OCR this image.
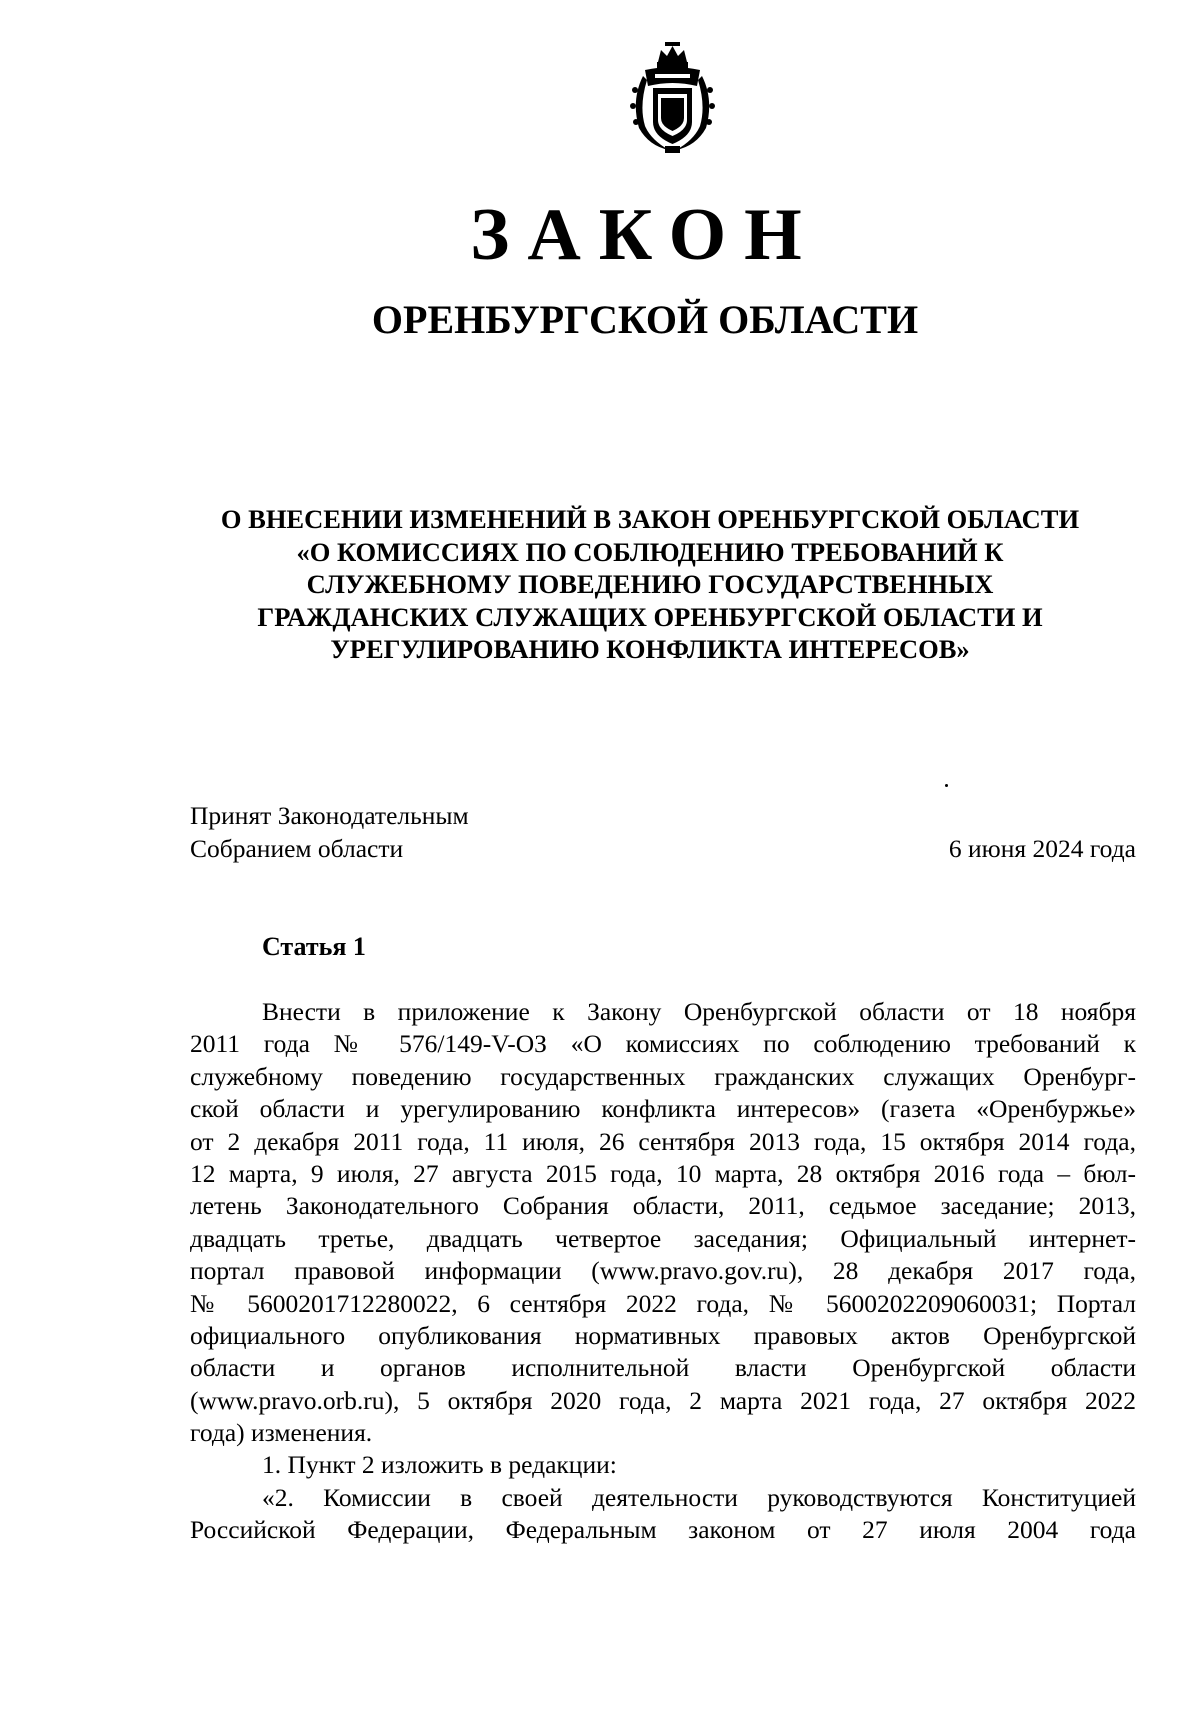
ЗАКОН
ОРЕНБУРГСКОЙ ОБЛАСТИ
О ВНЕСЕНИИ ИЗМЕНЕНИЙ В ЗАКОН ОРЕНБУРГСКОЙ ОБЛАСТИ
«О КОМИССИЯХ ПО СОБЛЮДЕНИЮ ТРЕБОВАНИЙ К
СЛУЖЕБНОМУ ПОВЕДЕНИЮ ГОСУДАРСТВЕННЫХ
ГРАЖДАНСКИХ СЛУЖАЩИХ ОРЕНБУРГСКОЙ ОБЛАСТИ И
УРЕГУЛИРОВАНИЮ КОНФЛИКТА ИНТЕРЕСОВ»
Принят Законодательным
Собранием области	6 июня 2024 года
Статья 1
Внести в приложение к Закону Оренбургской области от 18 ноября
2011 года № 576/149-V-ОЗ «О комиссиях по соблюдению требований к
служебному поведению государственных гражданских служащих Оренбург-
ской области и урегулированию конфликта интересов» (газета «Оренбуржье»
от 2 декабря 2011 года, 11 июля, 26 сентября 2013 года, 15 октября 2014 года,
12 марта, 9 июля, 27 августа 2015 года, 10 марта, 28 октября 2016 года – бюл-
летень Законодательного Собрания области, 2011, седьмое заседание; 2013,
двадцать третье, двадцать четвертое заседания; Официальный интернет-
портал правовой информации (www.pravo.gov.ru), 28 декабря 2017 года,
№ 5600201712280022, 6 сентября 2022 года, № 5600202209060031; Портал
официального опубликования нормативных правовых актов Оренбургской
области и органов исполнительной власти Оренбургской области
(www.pravo.orb.ru), 5 октября 2020 года, 2 марта 2021 года, 27 октября 2022
года) изменения.
1. Пункт 2 изложить в редакции:
«2. Комиссии в своей деятельности руководствуются Конституцией
Российской Федерации, Федеральным законом от 27 июля 2004 года
